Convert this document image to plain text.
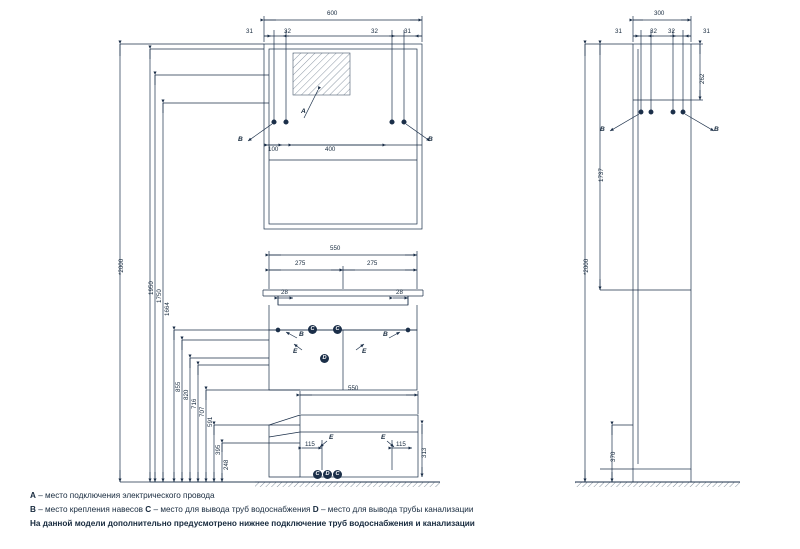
600
31	32	32	31
A
B	B
100	400
550
275	275
28	28
B	B
E	E
550
115	115
E	E
313
C	C
D
C	D	C
*2000
1950
1750
1664
855
820
716
707
591
395
248
300
31	32 32	31
262
B	B
*2000
1737
370
A – место подключения электрического провода
B – место крепления навесов C – место для вывода труб водоснабжения D – место для вывода трубы канализации
На данной модели дополнительно предусмотрено нижнее подключение труб водоснабжения и канализации
